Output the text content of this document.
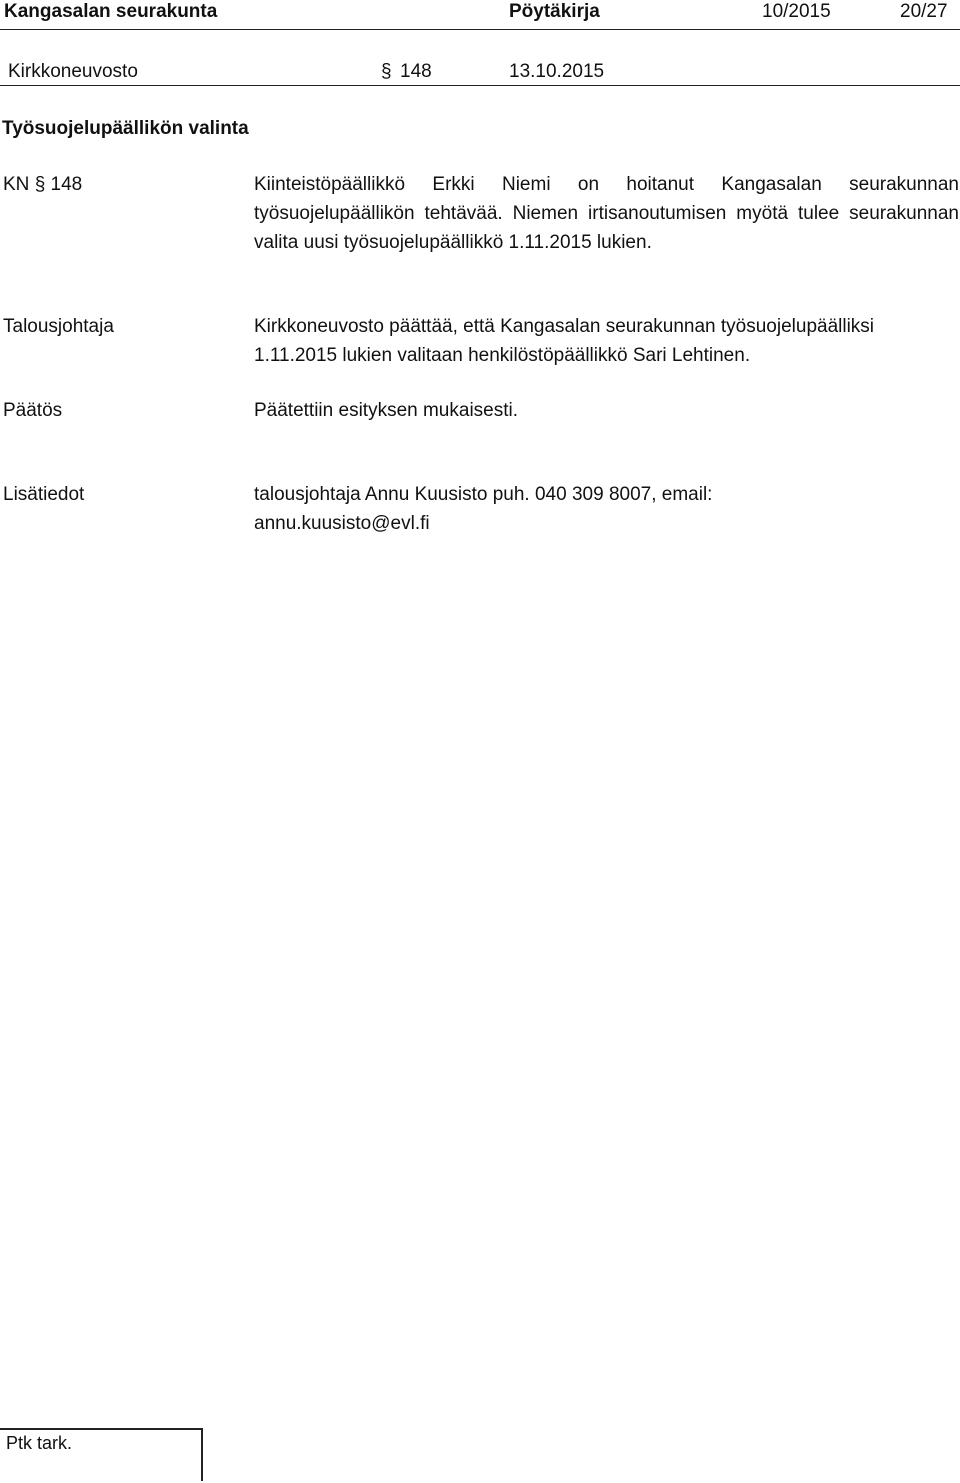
Kangasalan seurakunta	Pöytäkirja	10/2015	20/27
Kirkkoneuvosto	§ 148	13.10.2015
Työsuojelupäällikön valinta
KN § 148	Kiinteistöpäällikkö Erkki Niemi on hoitanut Kangasalan seurakunnan työsuojelupäällikön tehtävää. Niemen irtisanoutumisen myötä tulee seurakunnan valita uusi työsuojelupäällikkö 1.11.2015 lukien.
Talousjohtaja	Kirkkoneuvosto päättää, että Kangasalan seurakunnan työsuojelupäälliksi 1.11.2015 lukien valitaan henkilöstöpäällikkö Sari Lehtinen.
Päätös	Päätettiin esityksen mukaisesti.
Lisätiedot	talousjohtaja Annu Kuusisto puh. 040 309 8007, email:
annu.kuusisto@evl.fi
Ptk tark.
